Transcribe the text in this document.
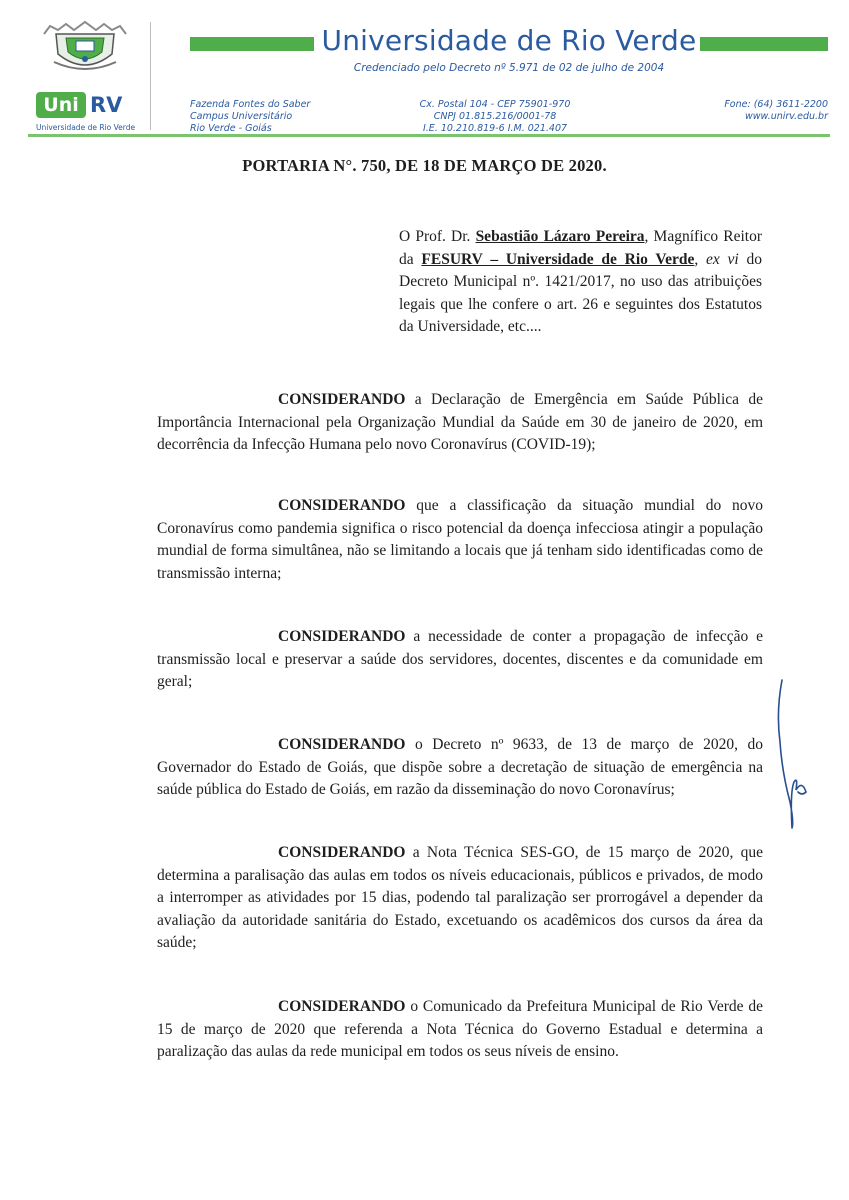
Universidade de Rio Verde
Credenciado pelo Decreto nº 5.971 de 02 de julho de 2004
Uni RV
Universidade de Rio Verde
Fazenda Fontes do Saber
Campus Universitário
Rio Verde - Goiás
Cx. Postal 104 - CEP 75901-970
CNPJ 01.815.216/0001-78
I.E. 10.210.819-6 I.M. 021.407
Fone: (64) 3611-2200
www.unirv.edu.br
PORTARIA N°. 750, DE 18 DE MARÇO DE 2020.
O Prof. Dr. Sebastião Lázaro Pereira, Magnífico Reitor da FESURV – Universidade de Rio Verde, ex vi do Decreto Municipal nº. 1421/2017, no uso das atribuições legais que lhe confere o art. 26 e seguintes dos Estatutos da Universidade, etc....
CONSIDERANDO a Declaração de Emergência em Saúde Pública de Importância Internacional pela Organização Mundial da Saúde em 30 de janeiro de 2020, em decorrência da Infecção Humana pelo novo Coronavírus (COVID-19);
CONSIDERANDO que a classificação da situação mundial do novo Coronavírus como pandemia significa o risco potencial da doença infecciosa atingir a população mundial de forma simultânea, não se limitando a locais que já tenham sido identificadas como de transmissão interna;
CONSIDERANDO a necessidade de conter a propagação de infecção e transmissão local e preservar a saúde dos servidores, docentes, discentes e da comunidade em geral;
CONSIDERANDO o Decreto nº 9633, de 13 de março de 2020, do Governador do Estado de Goiás, que dispõe sobre a decretação de situação de emergência na saúde pública do Estado de Goiás, em razão da disseminação do novo Coronavírus;
CONSIDERANDO a Nota Técnica SES-GO, de 15 março de 2020, que determina a paralisação das aulas em todos os níveis educacionais, públicos e privados, de modo a interromper as atividades por 15 dias, podendo tal paralização ser prorrogável a depender da avaliação da autoridade sanitária do Estado, excetuando os acadêmicos dos cursos da área da saúde;
CONSIDERANDO o Comunicado da Prefeitura Municipal de Rio Verde de 15 de março de 2020 que referenda a Nota Técnica do Governo Estadual e determina a paralização das aulas da rede municipal em todos os seus níveis de ensino.
